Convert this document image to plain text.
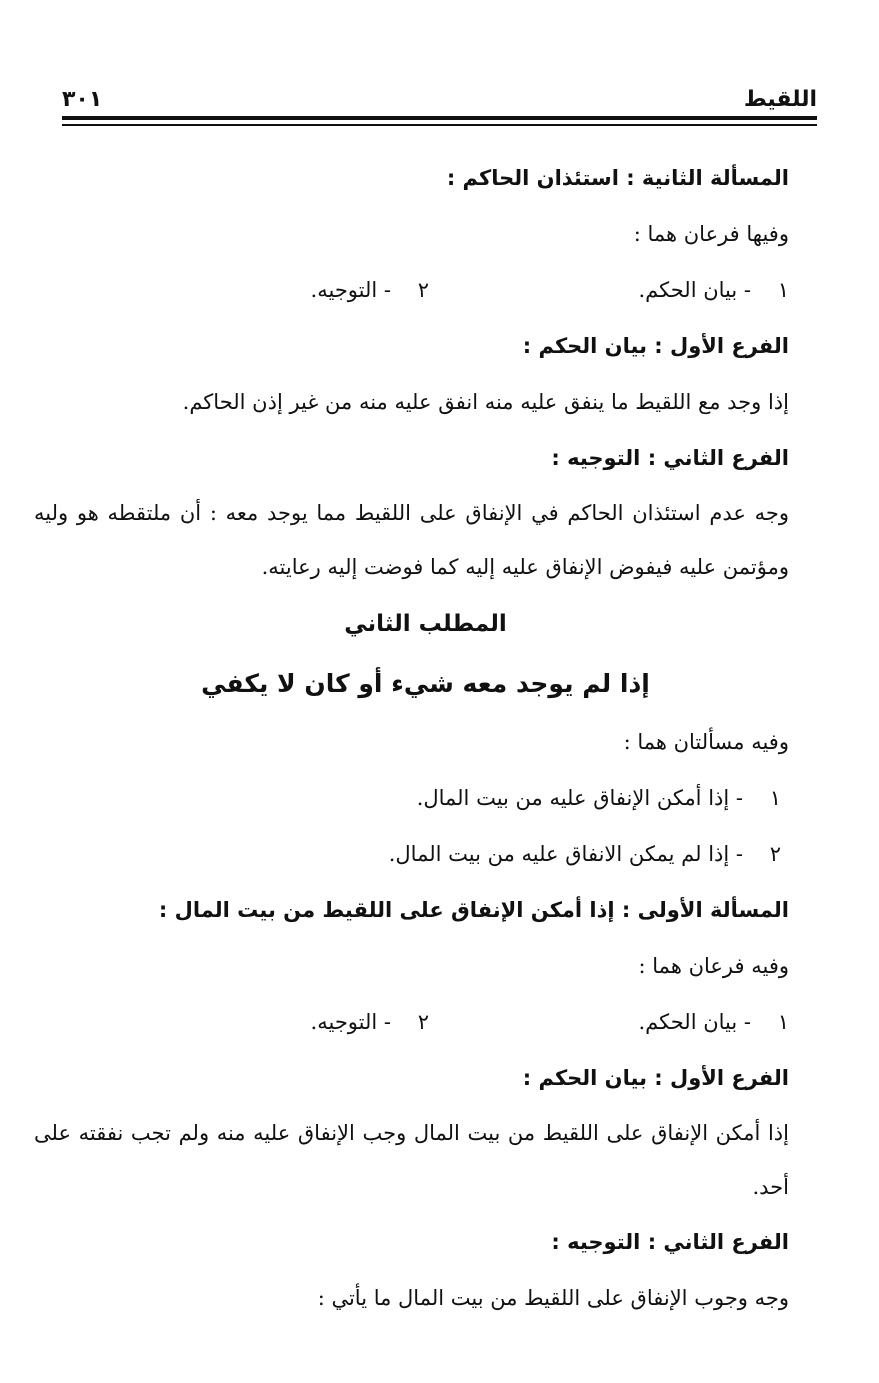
اللقيط
٣٠١
المسألة الثانية : استئذان الحاكم :
وفيها فرعان هما :
١- بيان الحكم.
٢- التوجيه.
الفرع الأول : بيان الحكم :
إذا وجد مع اللقيط ما ينفق عليه منه انفق عليه منه من غير إذن الحاكم.
الفرع الثاني : التوجيه :
وجه عدم استئذان الحاكم في الإنفاق على اللقيط مما يوجد معه : أن ملتقطه هو وليه ومؤتمن عليه فيفوض الإنفاق عليه إليه كما فوضت إليه رعايته.
المطلب الثاني
إذا لم يوجد معه شيء أو كان لا يكفي
وفيه مسألتان هما :
١- إذا أمكن الإنفاق عليه من بيت المال.
٢- إذا لم يمكن الانفاق عليه من بيت المال.
المسألة الأولى : إذا أمكن الإنفاق على اللقيط من بيت المال :
وفيه فرعان هما :
١- بيان الحكم.
٢- التوجيه.
الفرع الأول : بيان الحكم :
إذا أمكن الإنفاق على اللقيط من بيت المال وجب الإنفاق عليه منه ولم تجب نفقته على أحد.
الفرع الثاني : التوجيه :
وجه وجوب الإنفاق على اللقيط من بيت المال ما يأتي :
